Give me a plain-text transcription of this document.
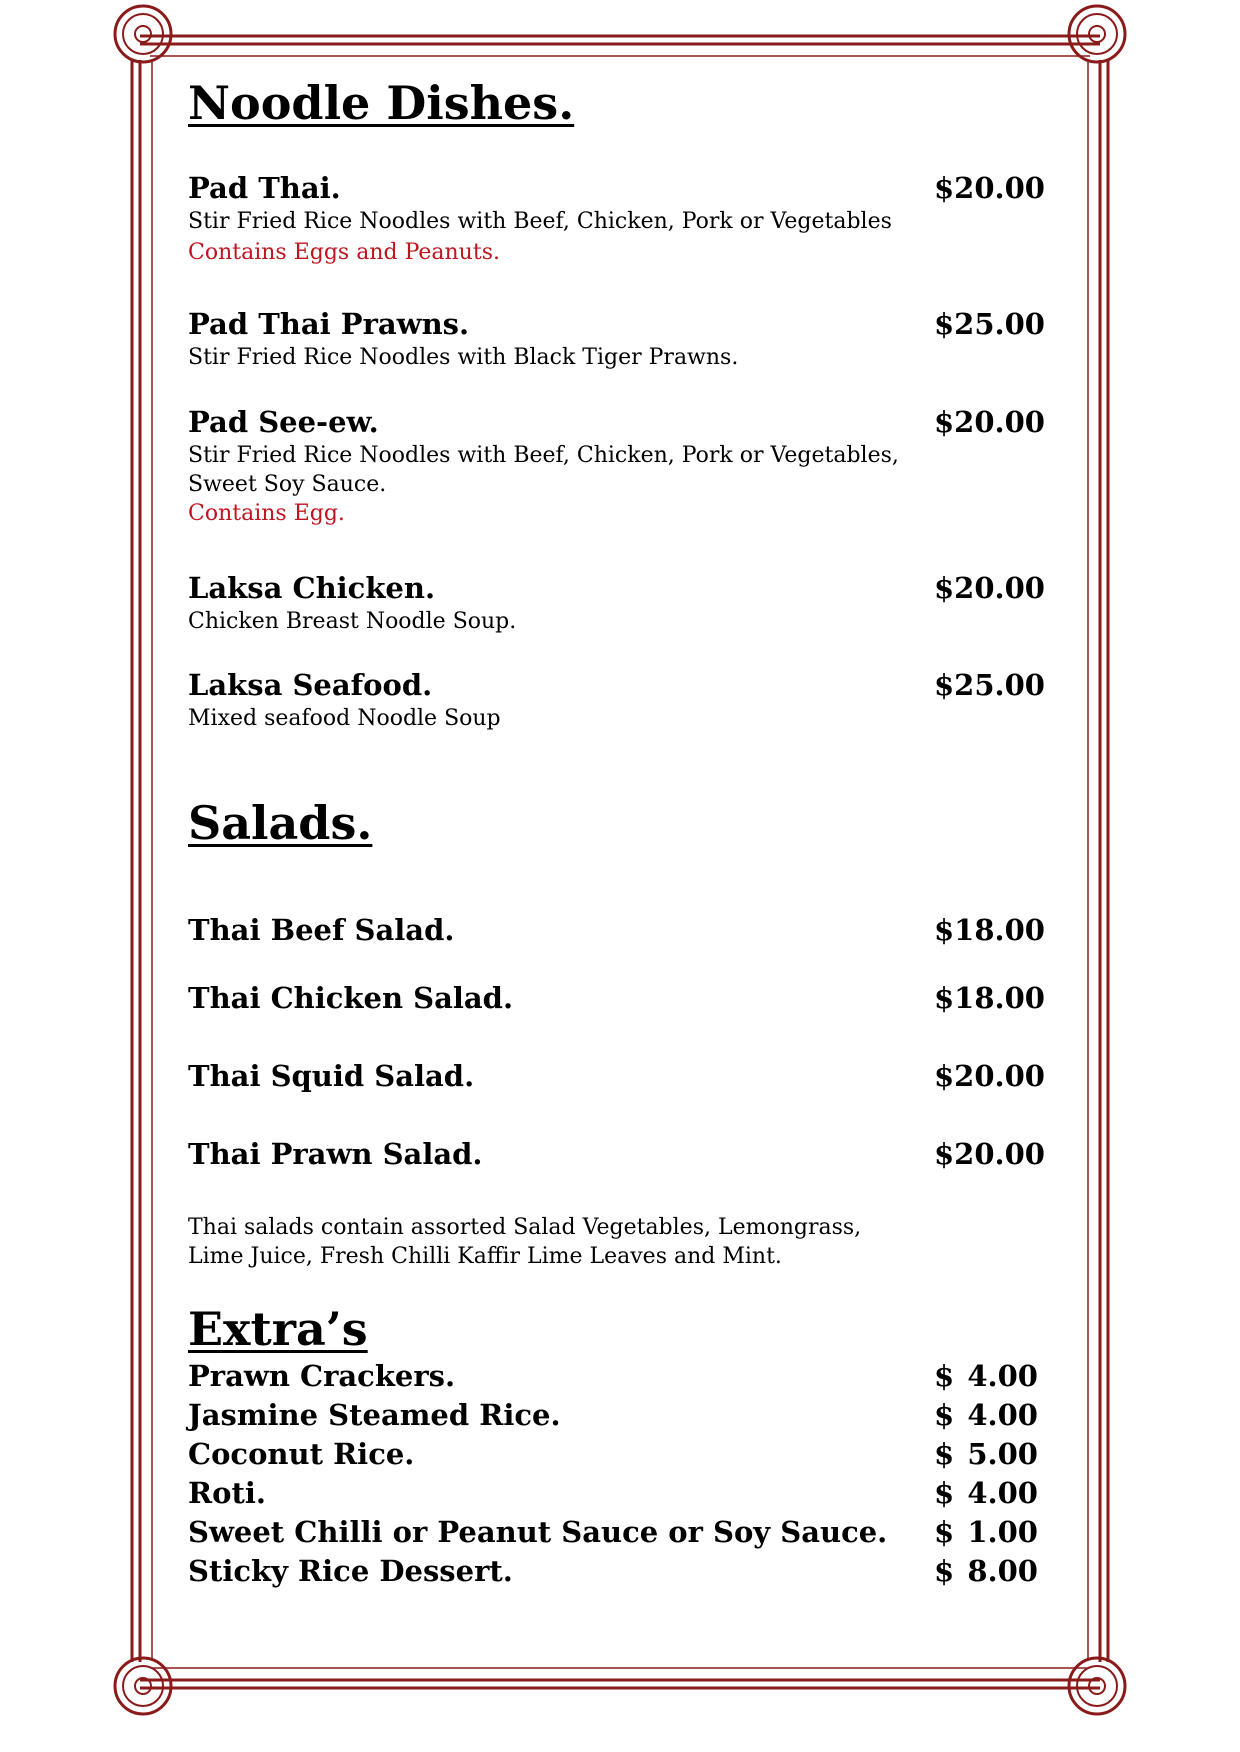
Noodle Dishes.
Pad Thai.	$20.00
Stir Fried Rice Noodles with Beef, Chicken, Pork or Vegetables
Contains Eggs and Peanuts.
Pad Thai Prawns.	$25.00
Stir Fried Rice Noodles with Black Tiger Prawns.
Pad See-ew.	$20.00
Stir Fried Rice Noodles with Beef, Chicken, Pork or Vegetables,
Sweet Soy Sauce.
Contains Egg.
Laksa Chicken.	$20.00
Chicken Breast Noodle Soup.
Laksa Seafood.	$25.00
Mixed seafood Noodle Soup
Salads.
Thai Beef Salad.	$18.00
Thai Chicken Salad.	$18.00
Thai Squid Salad.	$20.00
Thai Prawn Salad.	$20.00
Thai salads contain assorted Salad Vegetables, Lemongrass,
Lime Juice, Fresh Chilli Kaffir Lime Leaves and Mint.
Extra’s
Prawn Crackers.	$ 4.00
Jasmine Steamed Rice.	$ 4.00
Coconut Rice.	$ 5.00
Roti.	$ 4.00
Sweet Chilli or Peanut Sauce or Soy Sauce. $ 1.00
Sticky Rice Dessert.	$ 8.00
